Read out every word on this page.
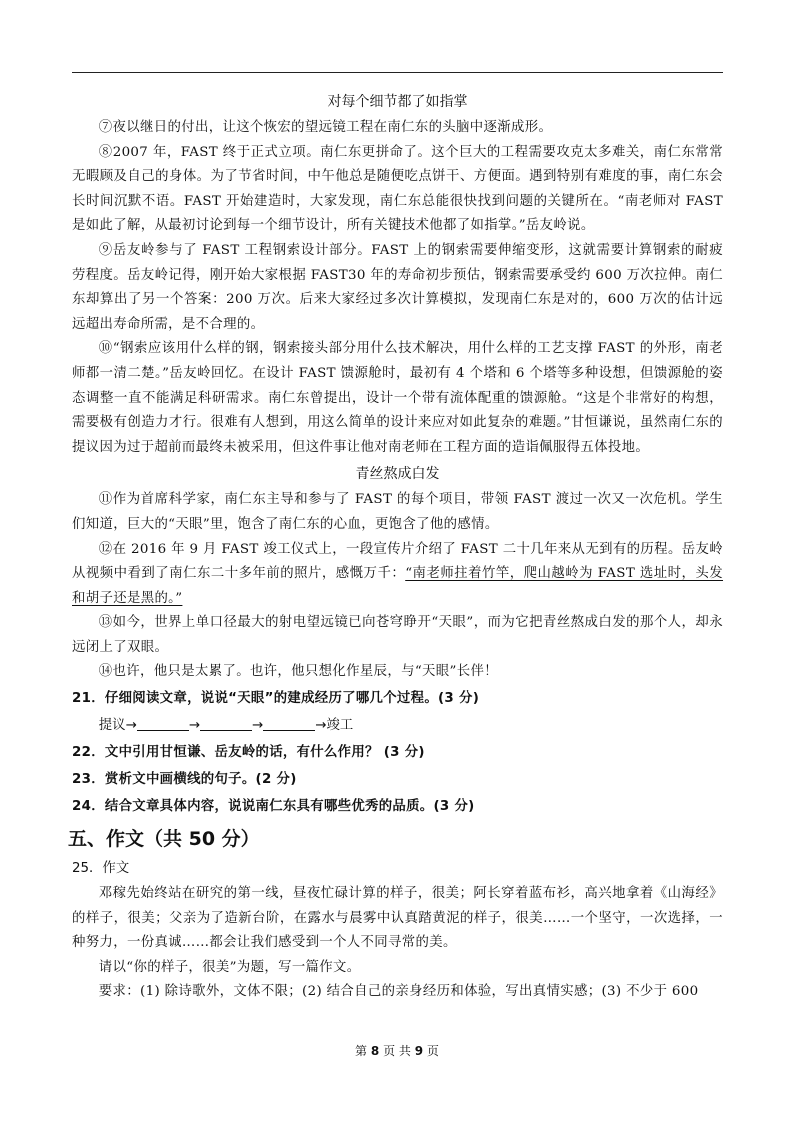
对每个细节都了如指掌

⑦夜以继日的付出，让这个恢宏的望远镜工程在南仁东的头脑中逐渐成形。

⑧2007 年，FAST 终于正式立项。南仁东更拼命了。这个巨大的工程需要攻克太多难关，南仁东常常无暇顾及自己的身体。为了节省时间，中午他总是随便吃点饼干、方便面。遇到特别有难度的事，南仁东会长时间沉默不语。FAST 开始建造时，大家发现，南仁东总能很快找到问题的关键所在。“南老师对 FAST是如此了解，从最初讨论到每一个细节设计，所有关键技术他都了如指掌。”岳友岭说。

⑨岳友岭参与了 FAST 工程钢索设计部分。FAST 上的钢索需要伸缩变形，这就需要计算钢索的耐疲劳程度。岳友岭记得，刚开始大家根据 FAST30 年的寿命初步预估，钢索需要承受约 600 万次拉伸。南仁东却算出了另一个答案：200 万次。后来大家经过多次计算模拟，发现南仁东是对的，600 万次的估计远远超出寿命所需，是不合理的。

⑩“钢索应该用什么样的钢，钢索接头部分用什么技术解决，用什么样的工艺支撑 FAST 的外形，南老师都一清二楚。”岳友岭回忆。在设计 FAST 馈源舱时，最初有 4 个塔和 6 个塔等多种设想，但馈源舱的姿态调整一直不能满足科研需求。南仁东曾提出，设计一个带有流体配重的馈源舱。“这是个非常好的构想，需要极有创造力才行。很难有人想到，用这么简单的设计来应对如此复杂的难题。”甘恒谦说，虽然南仁东的提议因为过于超前而最终未被采用，但这件事让他对南老师在工程方面的造诣佩服得五体投地。

青丝熬成白发

⑪作为首席科学家，南仁东主导和参与了 FAST 的每个项目，带领 FAST 渡过一次又一次危机。学生们知道，巨大的“天眼”里，饱含了南仁东的心血，更饱含了他的感情。

⑫在 2016 年 9 月 FAST 竣工仪式上，一段宣传片介绍了 FAST 二十几年来从无到有的历程。岳友岭从视频中看到了南仁东二十多年前的照片，感慨万千：“南老师拄着竹竿，爬山越岭为 FAST 选址时，头发和胡子还是黑的。”

⑬如今，世界上单口径最大的射电望远镜已向苍穹睁开“天眼”，而为它把青丝熬成白发的那个人，却永远闭上了双眼。

⑭也许，他只是太累了。也许，他只想化作星辰，与“天眼”长伴！

21．仔细阅读文章，说说“天眼”的建成经历了哪几个过程。(3 分)

提议→	→	→	→竣工

22．文中引用甘恒谦、岳友岭的话，有什么作用？ (3 分)

23．赏析文中画横线的句子。(2 分)

24．结合文章具体内容，说说南仁东具有哪些优秀的品质。(3 分)

五、作文（共 50 分）

25．作文

邓稼先始终站在研究的第一线，昼夜忙碌计算的样子，很美；阿长穿着蓝布衫，高兴地拿着《山海经》的样子，很美；父亲为了造新台阶，在露水与晨雾中认真踏黄泥的样子，很美……一个坚守，一次选择，一种努力，一份真诚……都会让我们感受到一个人不同寻常的美。

请以“你的样子，很美”为题，写一篇作文。

要求：(1) 除诗歌外，文体不限；(2) 结合自己的亲身经历和体验，写出真情实感；(3) 不少于 600

第 8 页 共 9 页
